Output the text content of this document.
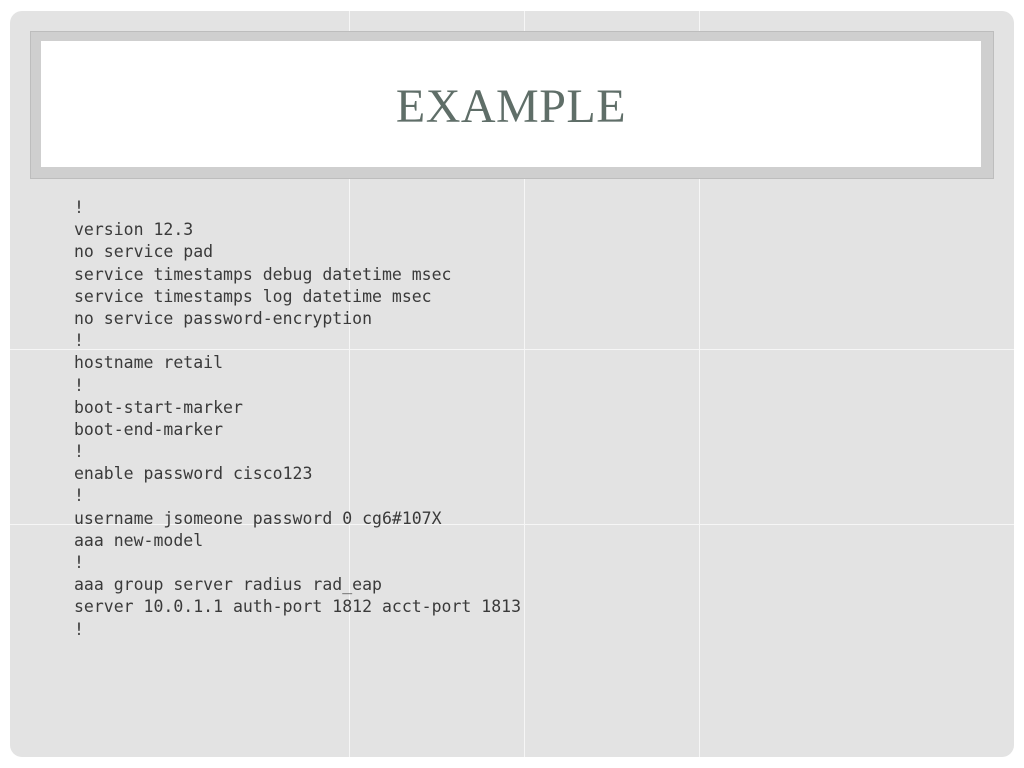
EXAMPLE
!
version 12.3
no service pad
service timestamps debug datetime msec
service timestamps log datetime msec
no service password-encryption
!
hostname retail
!
boot-start-marker
boot-end-marker
!
enable password cisco123
!
username jsomeone password 0 cg6#107X
aaa new-model
!
aaa group server radius rad_eap
server 10.0.1.1 auth-port 1812 acct-port 1813
!
